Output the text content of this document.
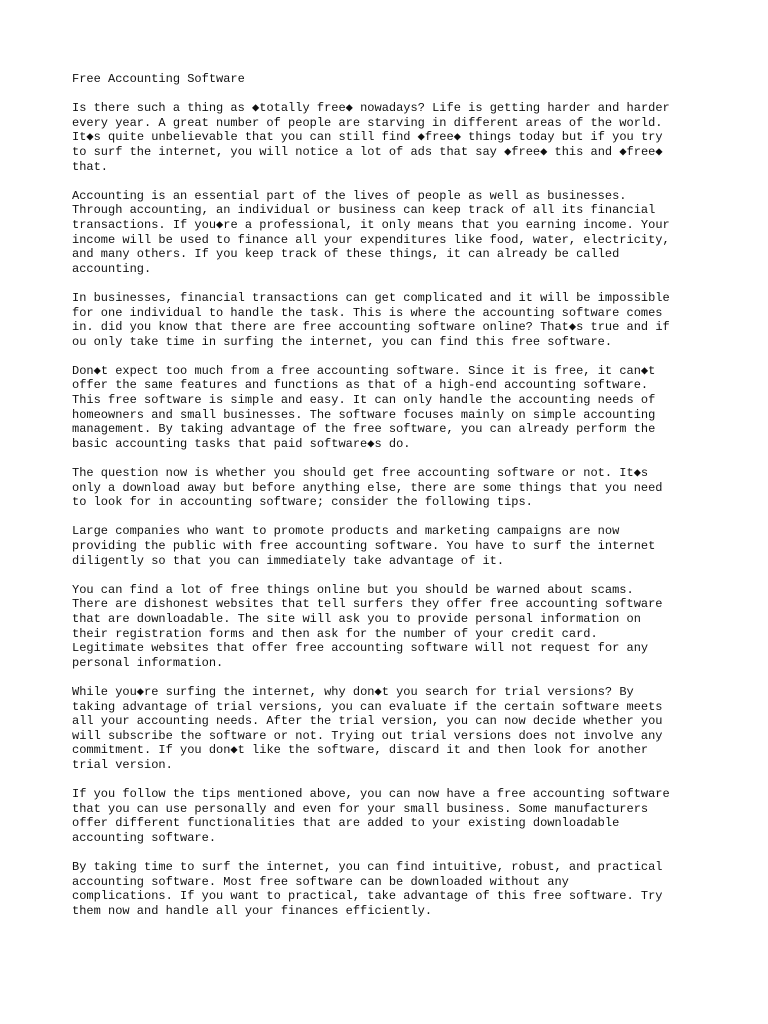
Free Accounting Software
Is there such a thing as ◆totally free◆ nowadays? Life is getting harder and harder
every year. A great number of people are starving in different areas of the world.
It◆s quite unbelievable that you can still find ◆free◆ things today but if you try
to surf the internet, you will notice a lot of ads that say ◆free◆ this and ◆free◆
that.
Accounting is an essential part of the lives of people as well as businesses.
Through accounting, an individual or business can keep track of all its financial
transactions. If you◆re a professional, it only means that you earning income. Your
income will be used to finance all your expenditures like food, water, electricity,
and many others. If you keep track of these things, it can already be called
accounting.
In businesses, financial transactions can get complicated and it will be impossible
for one individual to handle the task. This is where the accounting software comes
in. did you know that there are free accounting software online? That◆s true and if
ou only take time in surfing the internet, you can find this free software.
Don◆t expect too much from a free accounting software. Since it is free, it can◆t
offer the same features and functions as that of a high-end accounting software.
This free software is simple and easy. It can only handle the accounting needs of
homeowners and small businesses. The software focuses mainly on simple accounting
management. By taking advantage of the free software, you can already perform the
basic accounting tasks that paid software◆s do.
The question now is whether you should get free accounting software or not. It◆s
only a download away but before anything else, there are some things that you need
to look for in accounting software; consider the following tips.
Large companies who want to promote products and marketing campaigns are now
providing the public with free accounting software. You have to surf the internet
diligently so that you can immediately take advantage of it.
You can find a lot of free things online but you should be warned about scams.
There are dishonest websites that tell surfers they offer free accounting software
that are downloadable. The site will ask you to provide personal information on
their registration forms and then ask for the number of your credit card.
Legitimate websites that offer free accounting software will not request for any
personal information.
While you◆re surfing the internet, why don◆t you search for trial versions? By
taking advantage of trial versions, you can evaluate if the certain software meets
all your accounting needs. After the trial version, you can now decide whether you
will subscribe the software or not. Trying out trial versions does not involve any
commitment. If you don◆t like the software, discard it and then look for another
trial version.
If you follow the tips mentioned above, you can now have a free accounting software
that you can use personally and even for your small business. Some manufacturers
offer different functionalities that are added to your existing downloadable
accounting software.
By taking time to surf the internet, you can find intuitive, robust, and practical
accounting software. Most free software can be downloaded without any
complications. If you want to practical, take advantage of this free software. Try
them now and handle all your finances efficiently.
